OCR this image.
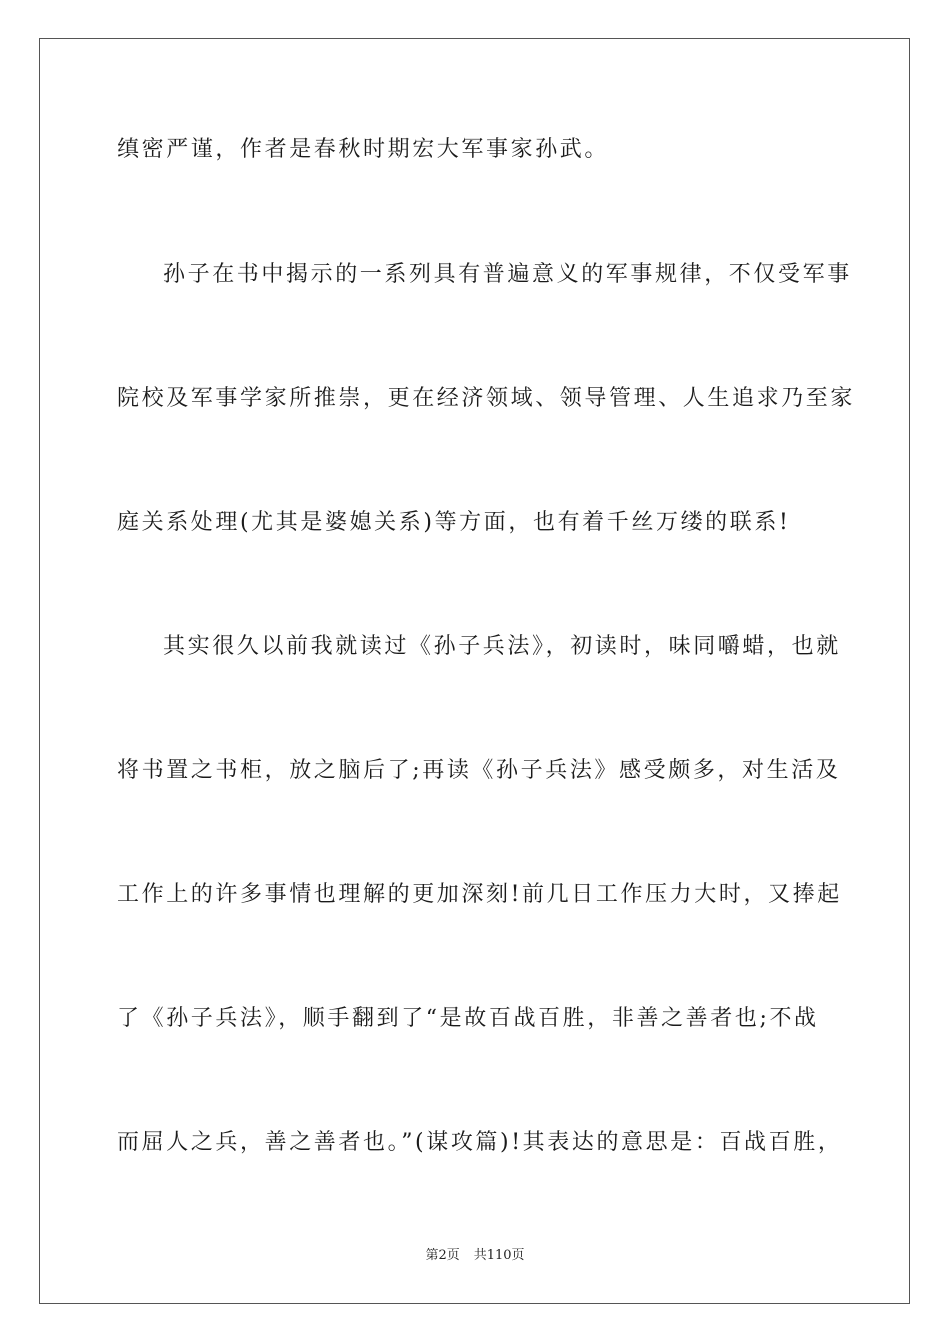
缜密严谨，作者是春秋时期宏大军事家孙武。
孙子在书中揭示的一系列具有普遍意义的军事规律，不仅受军事
院校及军事学家所推崇，更在经济领域、领导管理、人生追求乃至家
庭关系处理(尤其是婆媳关系)等方面，也有着千丝万缕的联系!
其实很久以前我就读过《孙子兵法》，初读时，味同嚼蜡，也就
将书置之书柜，放之脑后了;再读《孙子兵法》感受颇多，对生活及
工作上的许多事情也理解的更加深刻!前几日工作压力大时，又捧起
了《孙子兵法》，顺手翻到了“是故百战百胜，非善之善者也;不战
而屈人之兵，善之善者也。”(谋攻篇)!其表达的意思是：百战百胜，
第2页 共110页
